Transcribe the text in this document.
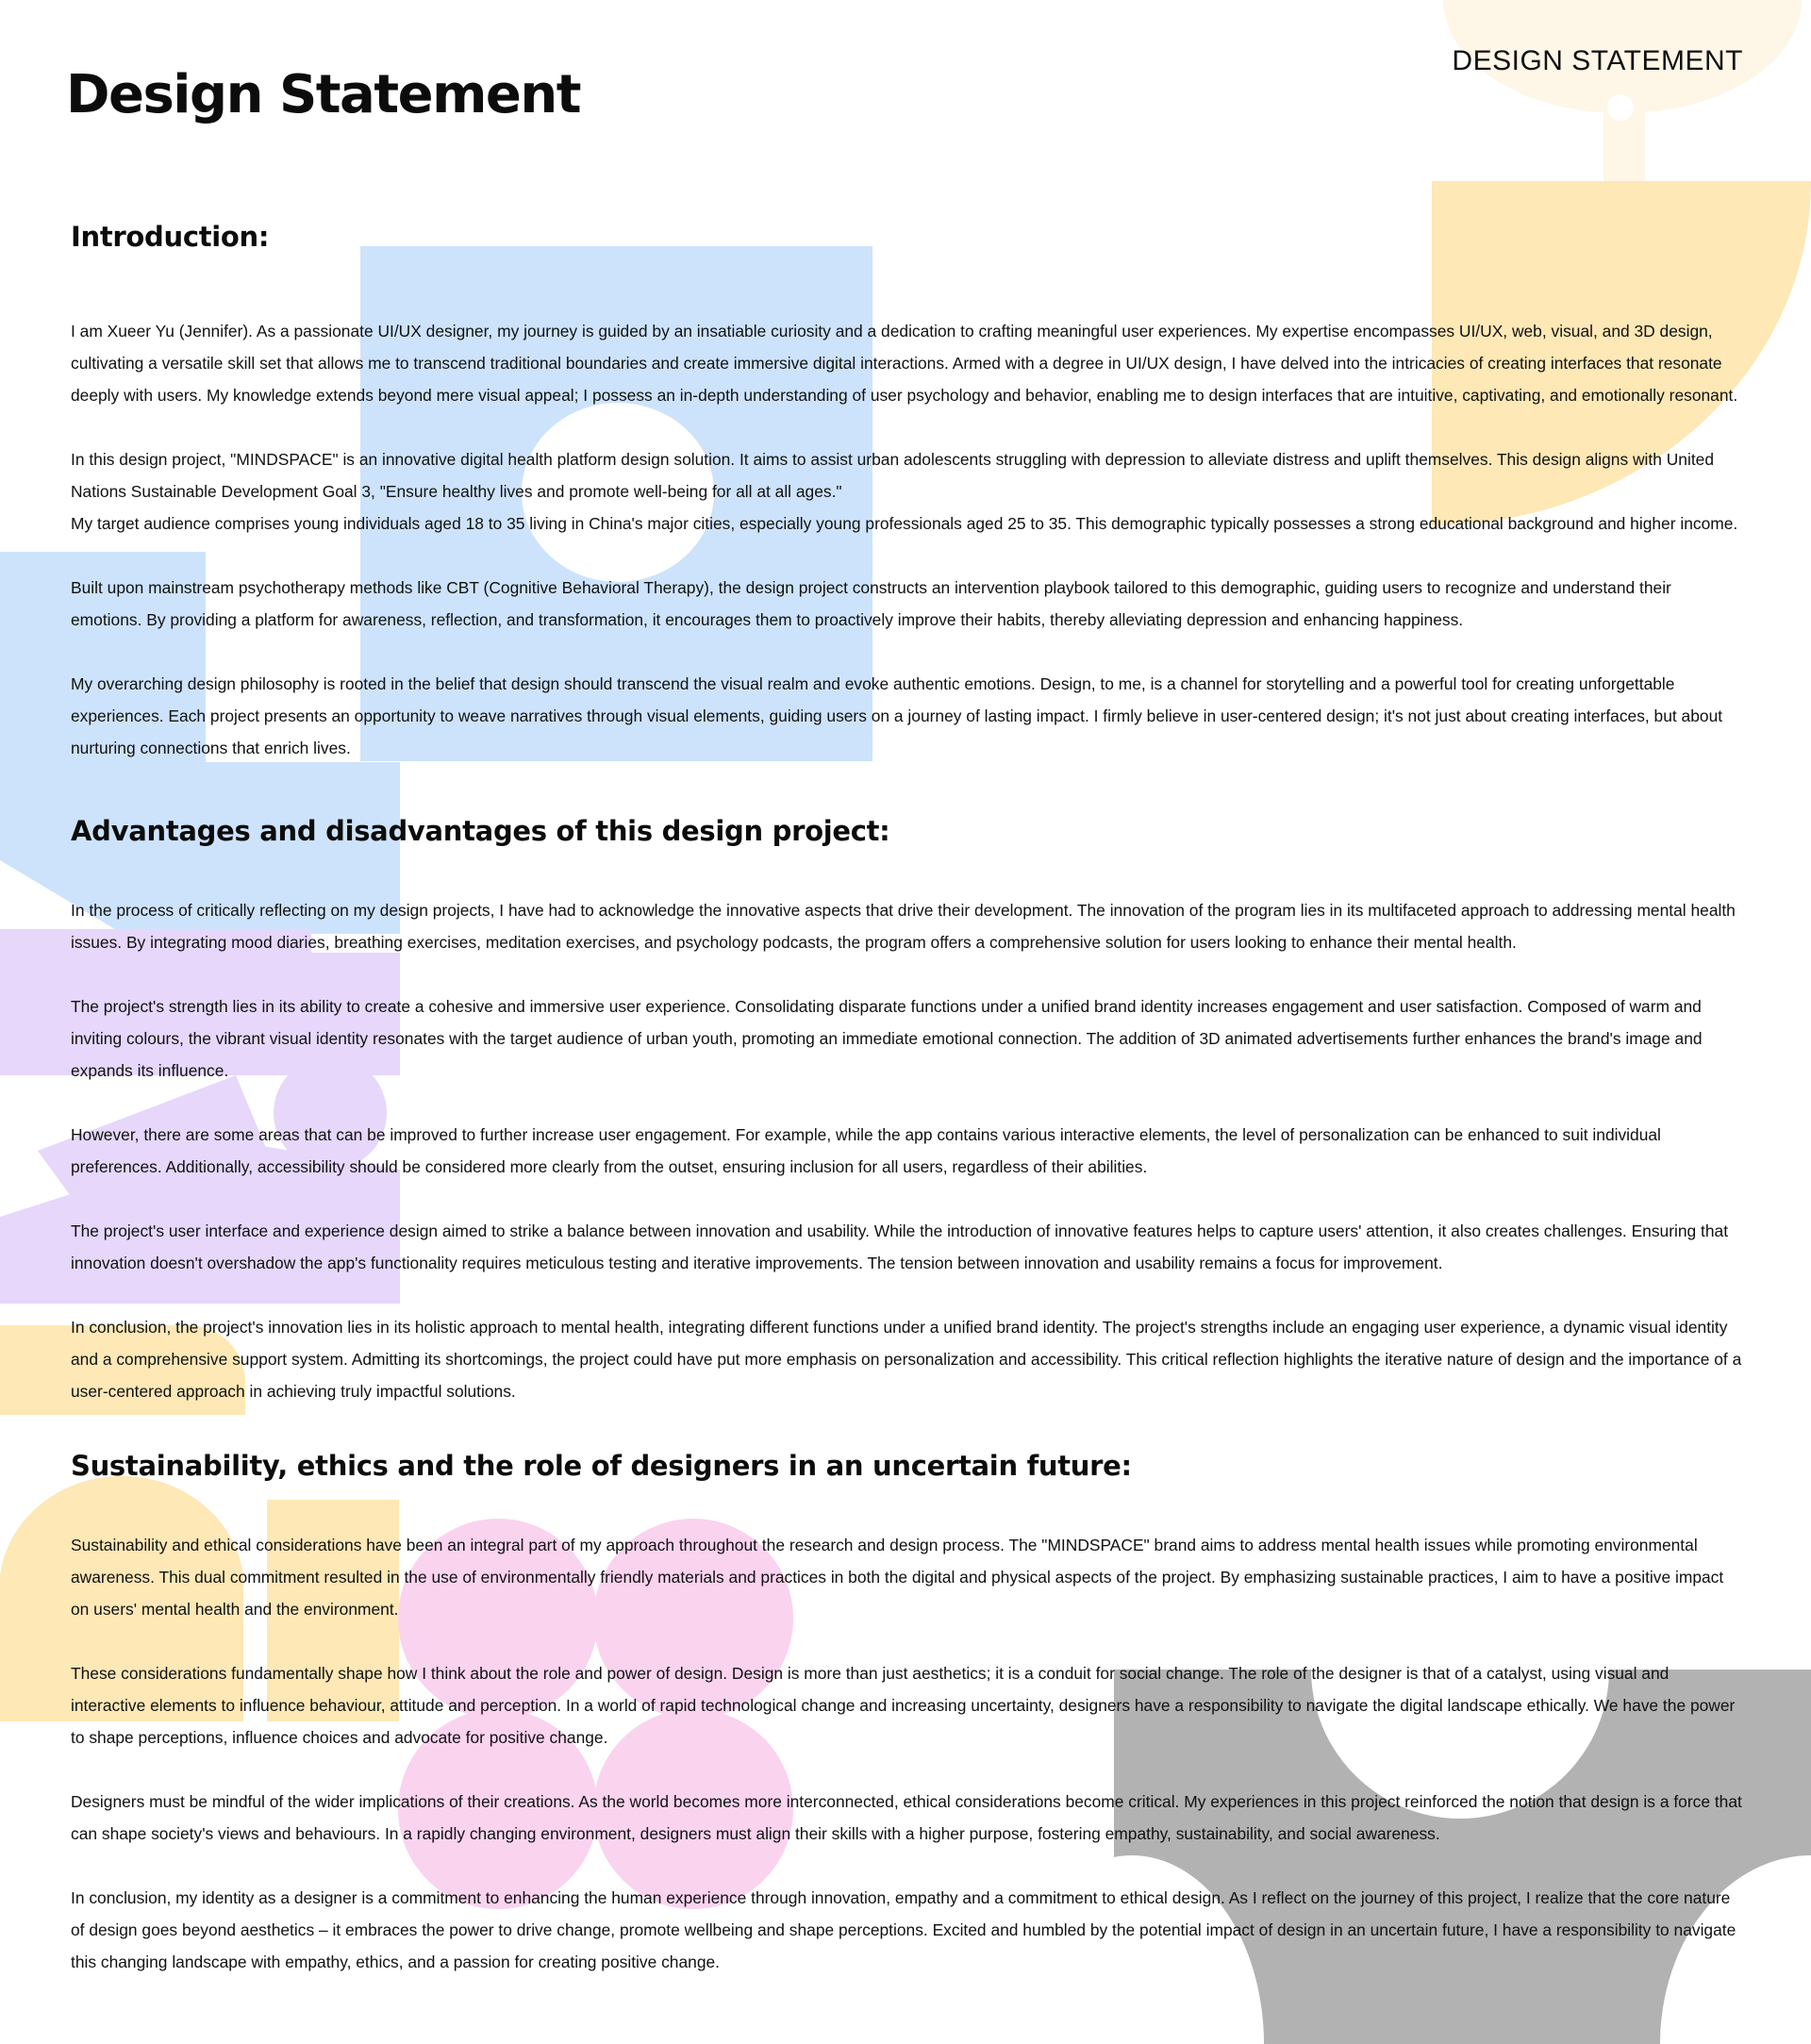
Design Statement
DESIGN STATEMENT
Introduction:

I am Xueer Yu (Jennifer). As a passionate UI/UX designer, my journey is guided by an insatiable curiosity and a dedication to crafting meaningful user experiences. My expertise encompasses UI/UX, web, visual, and 3D design, cultivating a versatile skill set that allows me to transcend traditional boundaries and create immersive digital interactions. Armed with a degree in UI/UX design, I have delved into the intricacies of creating interfaces that resonate deeply with users. My knowledge extends beyond mere visual appeal; I possess an in-depth understanding of user psychology and behavior, enabling me to design interfaces that are intuitive, captivating, and emotionally resonant.

In this design project, "MINDSPACE" is an innovative digital health platform design solution. It aims to assist urban adolescents struggling with depression to alleviate distress and uplift themselves. This design aligns with United Nations Sustainable Development Goal 3, "Ensure healthy lives and promote well-being for all at all ages."
My target audience comprises young individuals aged 18 to 35 living in China's major cities, especially young professionals aged 25 to 35. This demographic typically possesses a strong educational background and higher income.

Built upon mainstream psychotherapy methods like CBT (Cognitive Behavioral Therapy), the design project constructs an intervention playbook tailored to this demographic, guiding users to recognize and understand their emotions. By providing a platform for awareness, reflection, and transformation, it encourages them to proactively improve their habits, thereby alleviating depression and enhancing happiness.

My overarching design philosophy is rooted in the belief that design should transcend the visual realm and evoke authentic emotions. Design, to me, is a channel for storytelling and a powerful tool for creating unforgettable experiences. Each project presents an opportunity to weave narratives through visual elements, guiding users on a journey of lasting impact. I firmly believe in user-centered design; it's not just about creating interfaces, but about nurturing connections that enrich lives.

Advantages and disadvantages of this design project:

In the process of critically reflecting on my design projects, I have had to acknowledge the innovative aspects that drive their development. The innovation of the program lies in its multifaceted approach to addressing mental health issues. By integrating mood diaries, breathing exercises, meditation exercises, and psychology podcasts, the program offers a comprehensive solution for users looking to enhance their mental health.

The project's strength lies in its ability to create a cohesive and immersive user experience. Consolidating disparate functions under a unified brand identity increases engagement and user satisfaction. Composed of warm and inviting colours, the vibrant visual identity resonates with the target audience of urban youth, promoting an immediate emotional connection. The addition of 3D animated advertisements further enhances the brand's image and expands its influence.

However, there are some areas that can be improved to further increase user engagement. For example, while the app contains various interactive elements, the level of personalization can be enhanced to suit individual preferences. Additionally, accessibility should be considered more clearly from the outset, ensuring inclusion for all users, regardless of their abilities.

The project's user interface and experience design aimed to strike a balance between innovation and usability. While the introduction of innovative features helps to capture users' attention, it also creates challenges. Ensuring that innovation doesn't overshadow the app's functionality requires meticulous testing and iterative improvements. The tension between innovation and usability remains a focus for improvement.

In conclusion, the project's innovation lies in its holistic approach to mental health, integrating different functions under a unified brand identity. The project's strengths include an engaging user experience, a dynamic visual identity and a comprehensive support system. Admitting its shortcomings, the project could have put more emphasis on personalization and accessibility. This critical reflection highlights the iterative nature of design and the importance of a user-centered approach in achieving truly impactful solutions.

Sustainability, ethics and the role of designers in an uncertain future:

Sustainability and ethical considerations have been an integral part of my approach throughout the research and design process. The "MINDSPACE" brand aims to address mental health issues while promoting environmental awareness. This dual commitment resulted in the use of environmentally friendly materials and practices in both the digital and physical aspects of the project. By emphasizing sustainable practices, I aim to have a positive impact on users' mental health and the environment.

These considerations fundamentally shape how I think about the role and power of design. Design is more than just aesthetics; it is a conduit for social change. The role of the designer is that of a catalyst, using visual and interactive elements to influence behaviour, attitude and perception. In a world of rapid technological change and increasing uncertainty, designers have a responsibility to navigate the digital landscape ethically. We have the power to shape perceptions, influence choices and advocate for positive change.

Designers must be mindful of the wider implications of their creations. As the world becomes more interconnected, ethical considerations become critical. My experiences in this project reinforced the notion that design is a force that can shape society's views and behaviours. In a rapidly changing environment, designers must align their skills with a higher purpose, fostering empathy, sustainability, and social awareness.

In conclusion, my identity as a designer is a commitment to enhancing the human experience through innovation, empathy and a commitment to ethical design. As I reflect on the journey of this project, I realize that the core nature of design goes beyond aesthetics – it embraces the power to drive change, promote wellbeing and shape perceptions. Excited and humbled by the potential impact of design in an uncertain future, I have a responsibility to navigate this changing landscape with empathy, ethics, and a passion for creating positive change.
